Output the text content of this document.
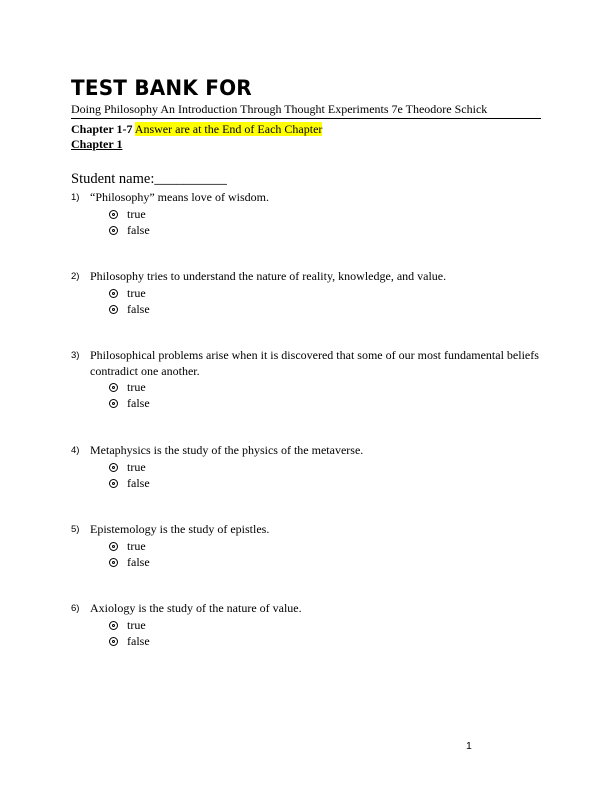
TEST BANK FOR
Doing Philosophy An Introduction Through Thought Experiments 7e Theodore Schick
Chapter 1-7 Answer are at the End of Each Chapter
Chapter 1
Student name:__________
1) “Philosophy” means love of wisdom.
true
false
2) Philosophy tries to understand the nature of reality, knowledge, and value.
true
false
3) Philosophical problems arise when it is discovered that some of our most fundamental beliefs contradict one another.
true
false
4) Metaphysics is the study of the physics of the metaverse.
true
false
5) Epistemology is the study of epistles.
true
false
6) Axiology is the study of the nature of value.
true
false
1
